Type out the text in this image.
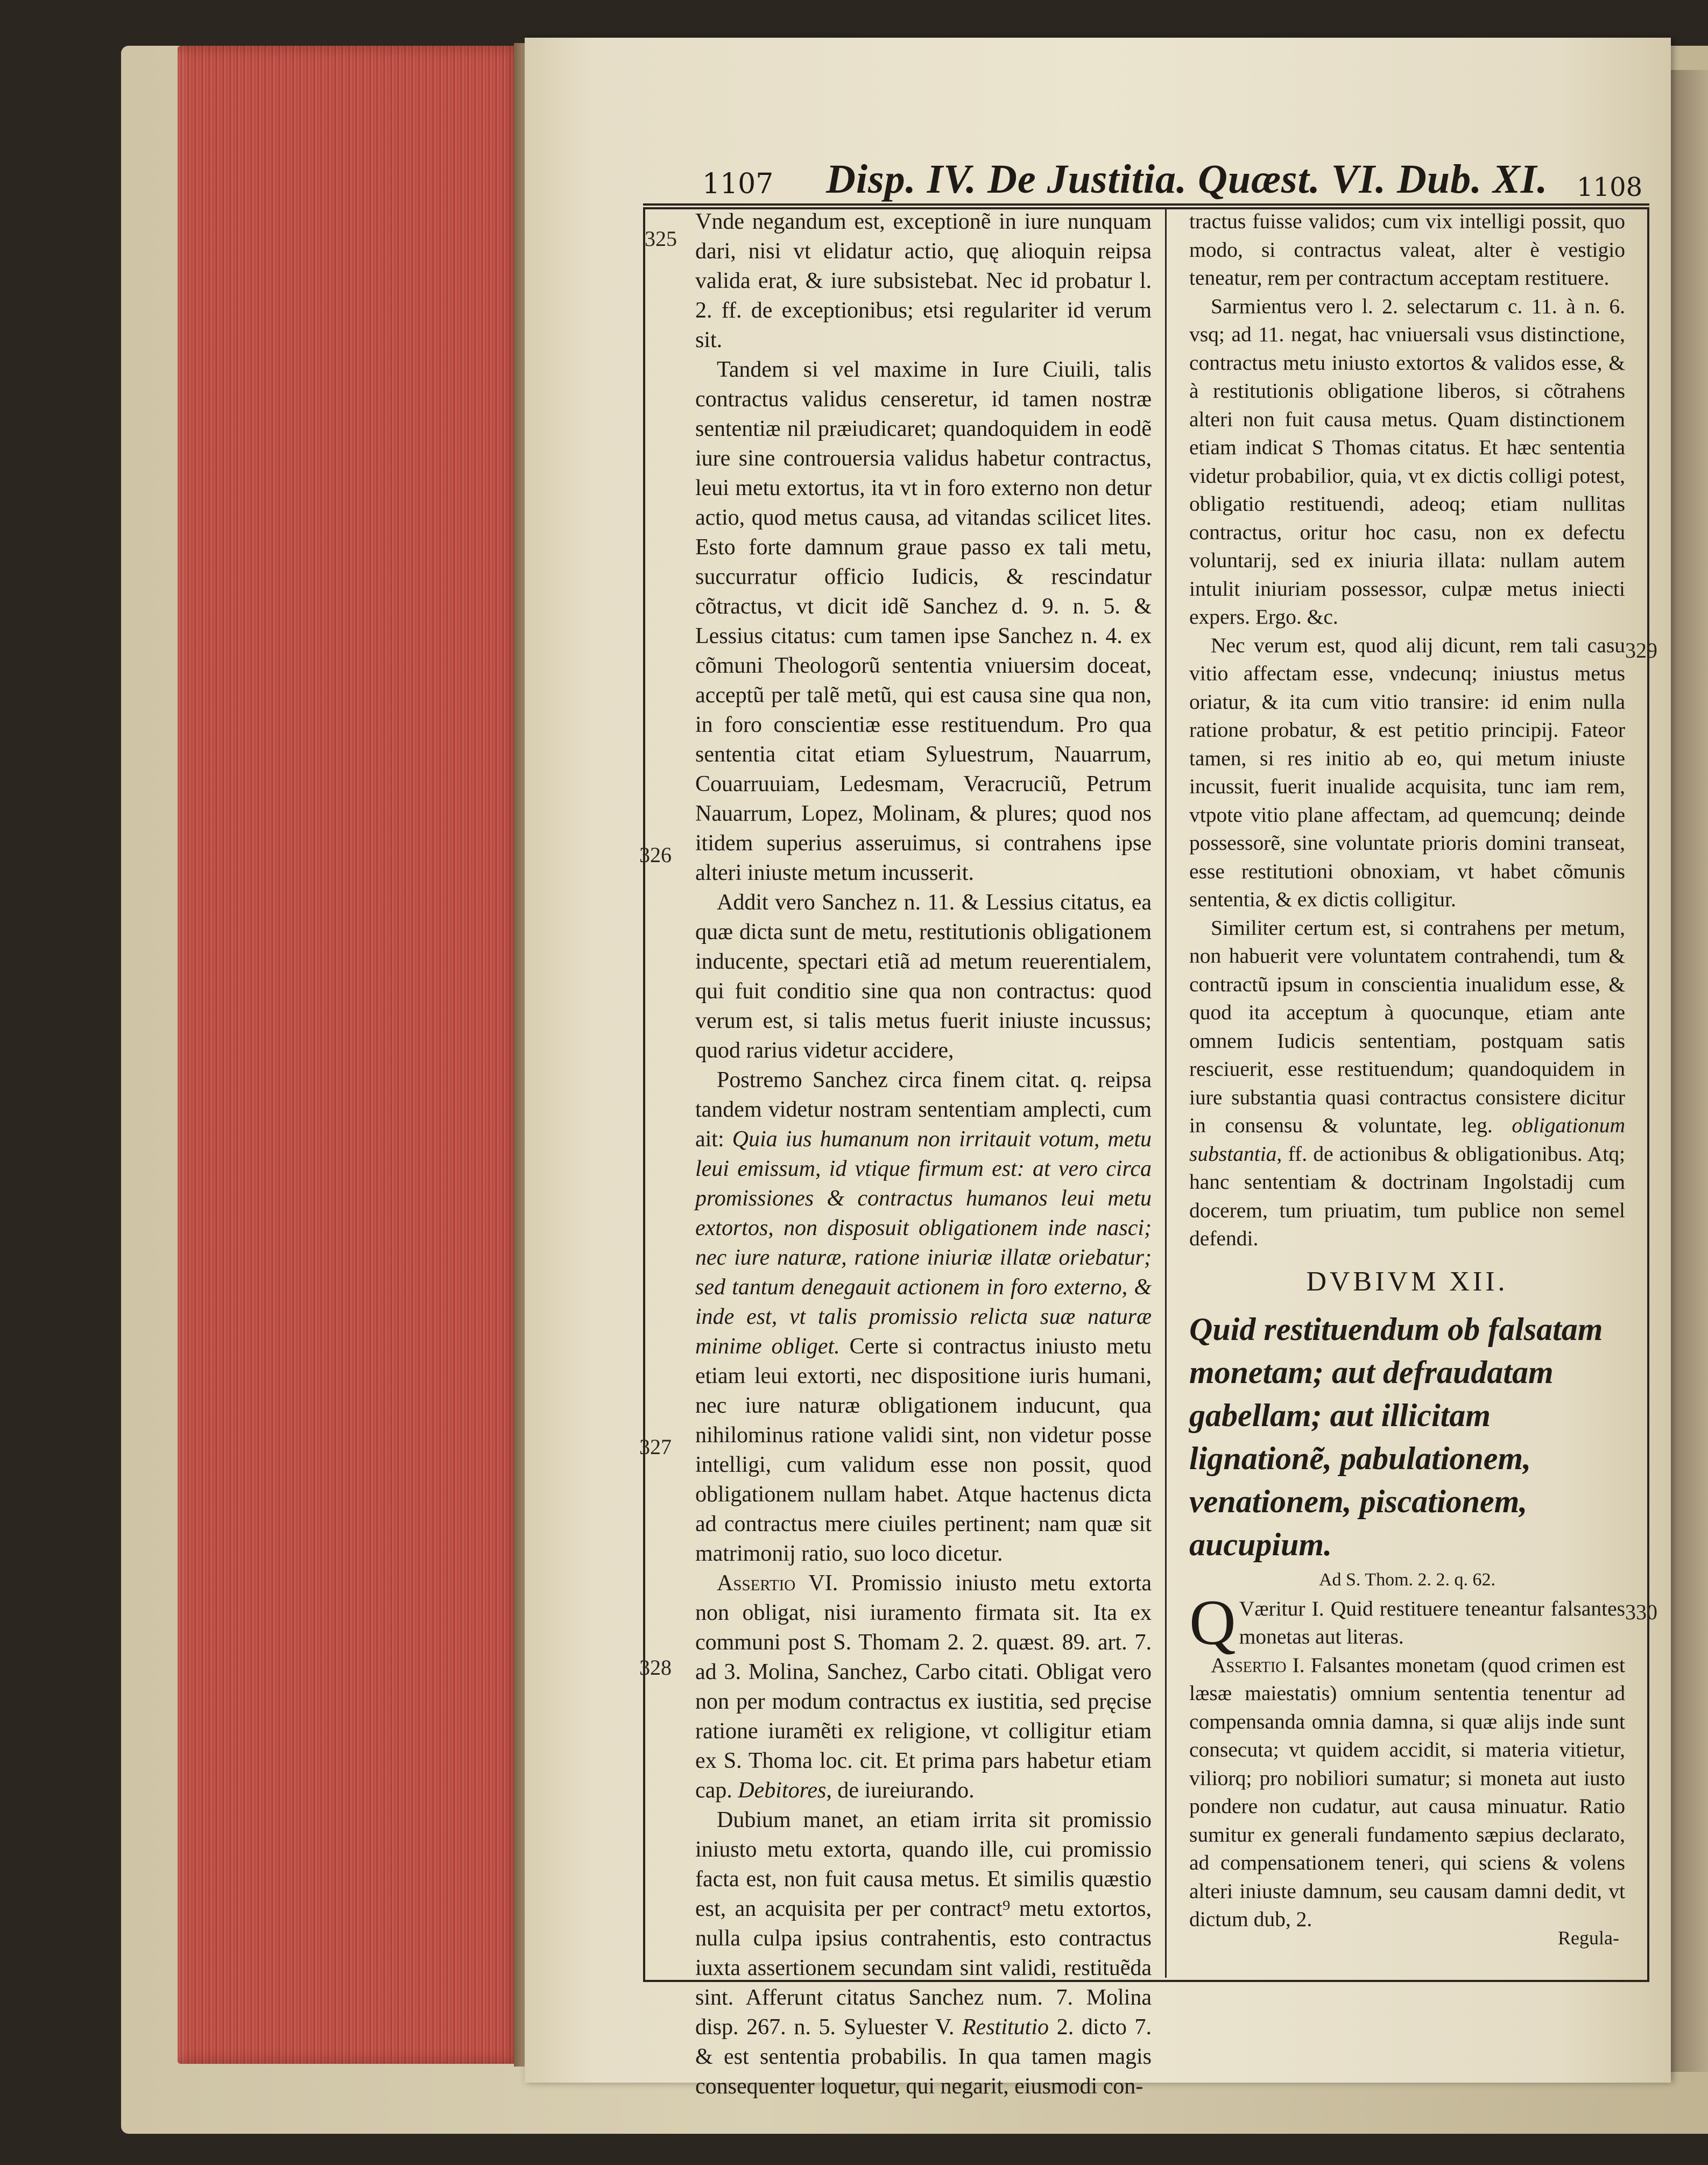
1107 Disp. IV. De Justitia. Quæst. VI. Dub. XI. 1108
325
326
327
328
329
330

Vnde negandum est, exceptionẽ in iure nunquam dari, nisi vt elidatur actio, quę alioquin reipsa valida erat, & iure subsistebat. Nec id probatur l. 2. ff. de exceptionibus; etsi regulariter id verum sit.

Tandem si vel maxime in Iure Ciuili, talis contractus validus censeretur, id tamen nostræ sententiæ nil præiudicaret; quandoquidem in eodẽ iure sine controuersia validus habetur contractus, leui metu extortus, ita vt in foro externo non detur actio, quod metus causa, ad vitandas scilicet lites. Esto forte damnum graue passo ex tali metu, succurratur officio Iudicis, & rescindatur cõtractus, vt dicit idẽ Sanchez d. 9. n. 5. & Lessius citatus: cum tamen ipse Sanchez n. 4. ex cõmuni Theologorũ sententia vniuersim doceat, acceptũ per talẽ metũ, qui est causa sine qua non, in foro conscientiæ esse restituendum. Pro qua sententia citat etiam Syluestrum, Nauarrum, Couarruuiam, Ledesmam, Veracruciũ, Petrum Nauarrum, Lopez, Molinam, & plures; quod nos itidem superius asseruimus, si contrahens ipse alteri iniuste metum incusserit.

Addit vero Sanchez n. 11. & Lessius citatus, ea quæ dicta sunt de metu, restitutionis obligationem inducente, spectari etiã ad metum reuerentialem, qui fuit conditio sine qua non contractus: quod verum est, si talis metus fuerit iniuste incussus; quod rarius videtur accidere,

Postremo Sanchez circa finem citat. q. reipsa tandem videtur nostram sententiam amplecti, cum ait: Quia ius humanum non irritauit votum, metu leui emissum, id vtique firmum est: at vero circa promissiones & contractus humanos leui metu extortos, non disposuit obligationem inde nasci; nec iure naturæ, ratione iniuriæ illatæ oriebatur; sed tantum denegauit actionem in foro externo, & inde est, vt talis promissio relicta suæ naturæ minime obliget. Certe si contractus iniusto metu etiam leui extorti, nec dispositione iuris humani, nec iure naturæ obligationem inducunt, qua nihilominus ratione validi sint, non videtur posse intelligi, cum validum esse non possit, quod obligationem nullam habet. Atque hactenus dicta ad contractus mere ciuiles pertinent; nam quæ sit matrimonij ratio, suo loco dicetur.

Assertio VI. Promissio iniusto metu extorta non obligat, nisi iuramento firmata sit. Ita ex communi post S. Thomam 2. 2. quæst. 89. art. 7. ad 3. Molina, Sanchez, Carbo citati. Obligat vero non per modum contractus ex iustitia, sed pręcise ratione iuramẽti ex religione, vt colligitur etiam ex S. Thoma loc. cit. Et prima pars habetur etiam cap. Debitores, de iureiurando.

Dubium manet, an etiam irrita sit promissio iniusto metu extorta, quando ille, cui promissio facta est, non fuit causa metus. Et similis quæstio est, an acquisita per per contract⁹ metu extortos, nulla culpa ipsius contrahentis, esto contractus iuxta assertionem secundam sint validi, restituẽda sint. Afferunt citatus Sanchez num. 7. Molina disp. 267. n. 5. Syluester V. Restitutio 2. dicto 7. & est sententia probabilis. In qua tamen magis consequenter loquetur, qui negarit, eiusmodi con-

tractus fuisse validos; cum vix intelligi possit, quo modo, si contractus valeat, alter è vestigio teneatur, rem per contractum acceptam restituere.

Sarmientus vero l. 2. selectarum c. 11. à n. 6. vsq; ad 11. negat, hac vniuersali vsus distinctione, contractus metu iniusto extortos & validos esse, & à restitutionis obligatione liberos, si cõtrahens alteri non fuit causa metus. Quam distinctionem etiam indicat S Thomas citatus. Et hæc sententia videtur probabilior, quia, vt ex dictis colligi potest, obligatio restituendi, adeoq; etiam nullitas contractus, oritur hoc casu, non ex defectu voluntarij, sed ex iniuria illata: nullam autem intulit iniuriam possessor, culpæ metus iniecti expers. Ergo. &c.

Nec verum est, quod alij dicunt, rem tali casu vitio affectam esse, vndecunq; iniustus metus oriatur, & ita cum vitio transire: id enim nulla ratione probatur, & est petitio principij. Fateor tamen, si res initio ab eo, qui metum iniuste incussit, fuerit inualide acquisita, tunc iam rem, vtpote vitio plane affectam, ad quemcunq; deinde possessorẽ, sine voluntate prioris domini transeat, esse restitutioni obnoxiam, vt habet cõmunis sententia, & ex dictis colligitur.

Similiter certum est, si contrahens per metum, non habuerit vere voluntatem contrahendi, tum & contractũ ipsum in conscientia inualidum esse, & quod ita acceptum à quocunque, etiam ante omnem Iudicis sententiam, postquam satis resciuerit, esse restituendum; quandoquidem in iure substantia quasi contractus consistere dicitur in consensu & voluntate, leg. obligationum substantia, ff. de actionibus & obligationibus. Atq; hanc sententiam & doctrinam Ingolstadij cum docerem, tum priuatim, tum publice non semel defendi.

DVBIVM XII.

Quid restituendum ob falsatam monetam; aut defraudatam gabellam; aut illicitam lignationẽ, pabulationem, venationem, piscationem, aucupium.

Ad S. Thom. 2. 2. q. 62.

Q Væritur I. Quid restituere teneantur falsantes monetas aut literas.

Assertio I. Falsantes monetam (quod crimen est læsæ maiestatis) omnium sententia tenentur ad compensanda omnia damna, si quæ alijs inde sunt consecuta; vt quidem accidit, si materia vitietur, viliorq; pro nobiliori sumatur; si moneta aut iusto pondere non cudatur, aut causa minuatur. Ratio sumitur ex generali fundamento sæpius declarato, ad compensationem teneri, qui sciens & volens alteri iniuste damnum, seu causam damni dedit, vt dictum dub, 2.

Regula-
